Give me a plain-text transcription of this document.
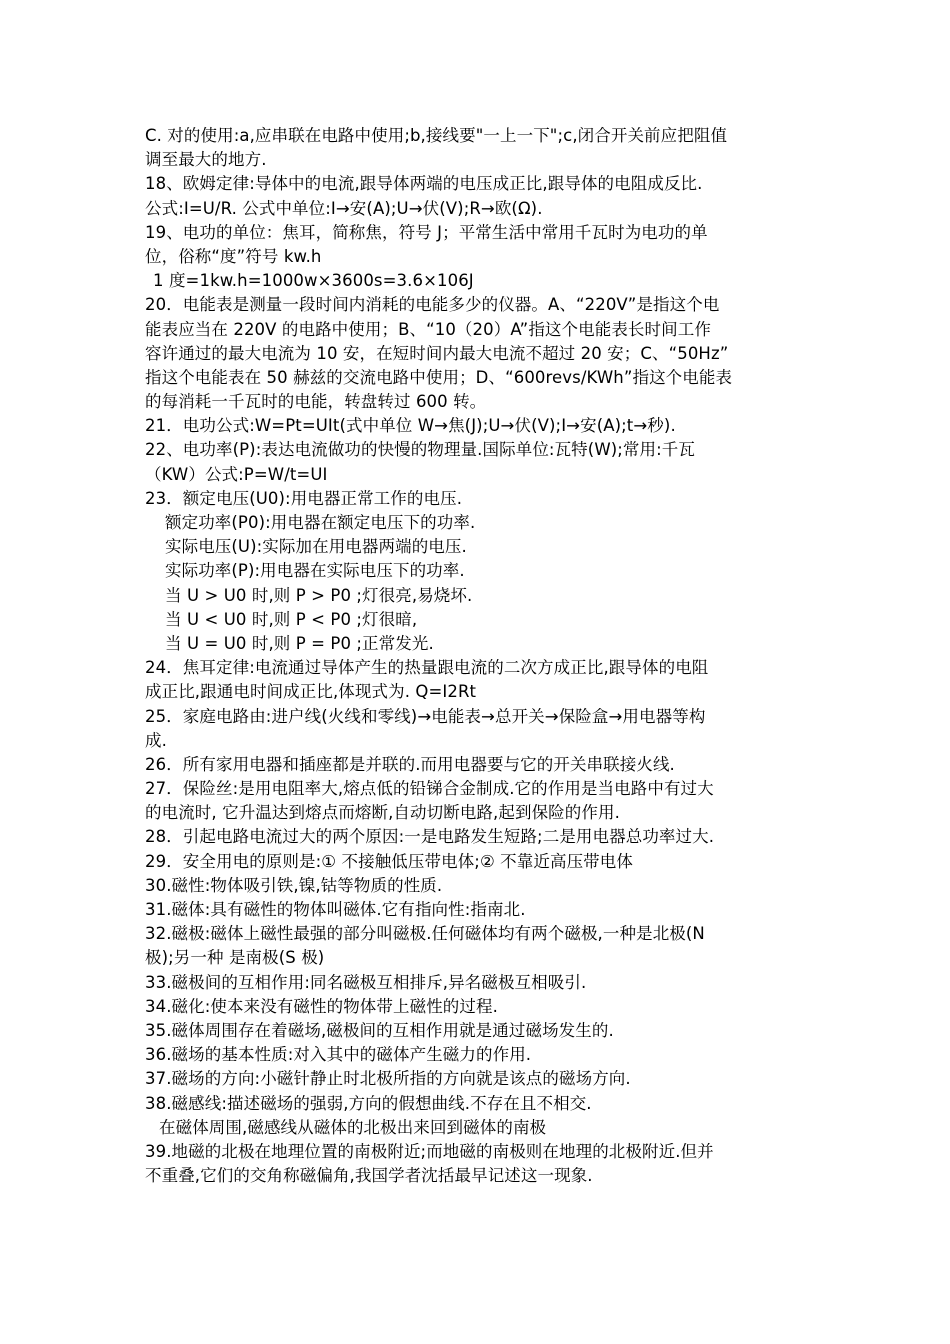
C. 对的使用:a,应串联在电路中使用;b,接线要"一上一下";c,闭合开关前应把阻值
调至最大的地方.
18、欧姆定律:导体中的电流,跟导体两端的电压成正比,跟导体的电阻成反比.
公式:I=U/R. 公式中单位:I→安(A);U→伏(V);R→欧(Ω).
19、电功的单位：焦耳，简称焦，符号 J；平常生活中常用千瓦时为电功的单
位，俗称“度”符号 kw.h
1 度=1kw.h=1000w×3600s=3.6×106J
20．电能表是测量一段时间内消耗的电能多少的仪器。A、“220V”是指这个电
能表应当在 220V 的电路中使用；B、“10（20）A”指这个电能表长时间工作
容许通过的最大电流为 10 安，在短时间内最大电流不超过 20 安；C、“50Hz”
指这个电能表在 50 赫兹的交流电路中使用；D、“600revs/KWh”指这个电能表
的每消耗一千瓦时的电能，转盘转过 600 转。
21．电功公式:W=Pt=UIt(式中单位 W→焦(J);U→伏(V);I→安(A);t→秒).
22、电功率(P):表达电流做功的快慢的物理量.国际单位:瓦特(W);常用:千瓦
（KW）公式:P=W/t=UI
23．额定电压(U0):用电器正常工作的电压.
额定功率(P0):用电器在额定电压下的功率.
实际电压(U):实际加在用电器两端的电压.
实际功率(P):用电器在实际电压下的功率.
当 U > U0 时,则 P > P0 ;灯很亮,易烧坏.
当 U < U0 时,则 P < P0 ;灯很暗,
当 U = U0 时,则 P = P0 ;正常发光.
24．焦耳定律:电流通过导体产生的热量跟电流的二次方成正比,跟导体的电阻
成正比,跟通电时间成正比,体现式为. Q=I2Rt
25．家庭电路由:进户线(火线和零线)→电能表→总开关→保险盒→用电器等构
成.
26．所有家用电器和插座都是并联的.而用电器要与它的开关串联接火线.
27．保险丝:是用电阻率大,熔点低的铅锑合金制成.它的作用是当电路中有过大
的电流时, 它升温达到熔点而熔断,自动切断电路,起到保险的作用.
28．引起电路电流过大的两个原因:一是电路发生短路;二是用电器总功率过大.
29．安全用电的原则是:① 不接触低压带电体;② 不靠近高压带电体
30.磁性:物体吸引铁,镍,钴等物质的性质.
31.磁体:具有磁性的物体叫磁体.它有指向性:指南北.
32.磁极:磁体上磁性最强的部分叫磁极.任何磁体均有两个磁极,一种是北极(N
极);另一种 是南极(S 极)
33.磁极间的互相作用:同名磁极互相排斥,异名磁极互相吸引.
34.磁化:使本来没有磁性的物体带上磁性的过程.
35.磁体周围存在着磁场,磁极间的互相作用就是通过磁场发生的.
36.磁场的基本性质:对入其中的磁体产生磁力的作用.
37.磁场的方向:小磁针静止时北极所指的方向就是该点的磁场方向.
38.磁感线:描述磁场的强弱,方向的假想曲线.不存在且不相交.
在磁体周围,磁感线从磁体的北极出来回到磁体的南极
39.地磁的北极在地理位置的南极附近;而地磁的南极则在地理的北极附近.但并
不重叠,它们的交角称磁偏角,我国学者沈括最早记述这一现象.
